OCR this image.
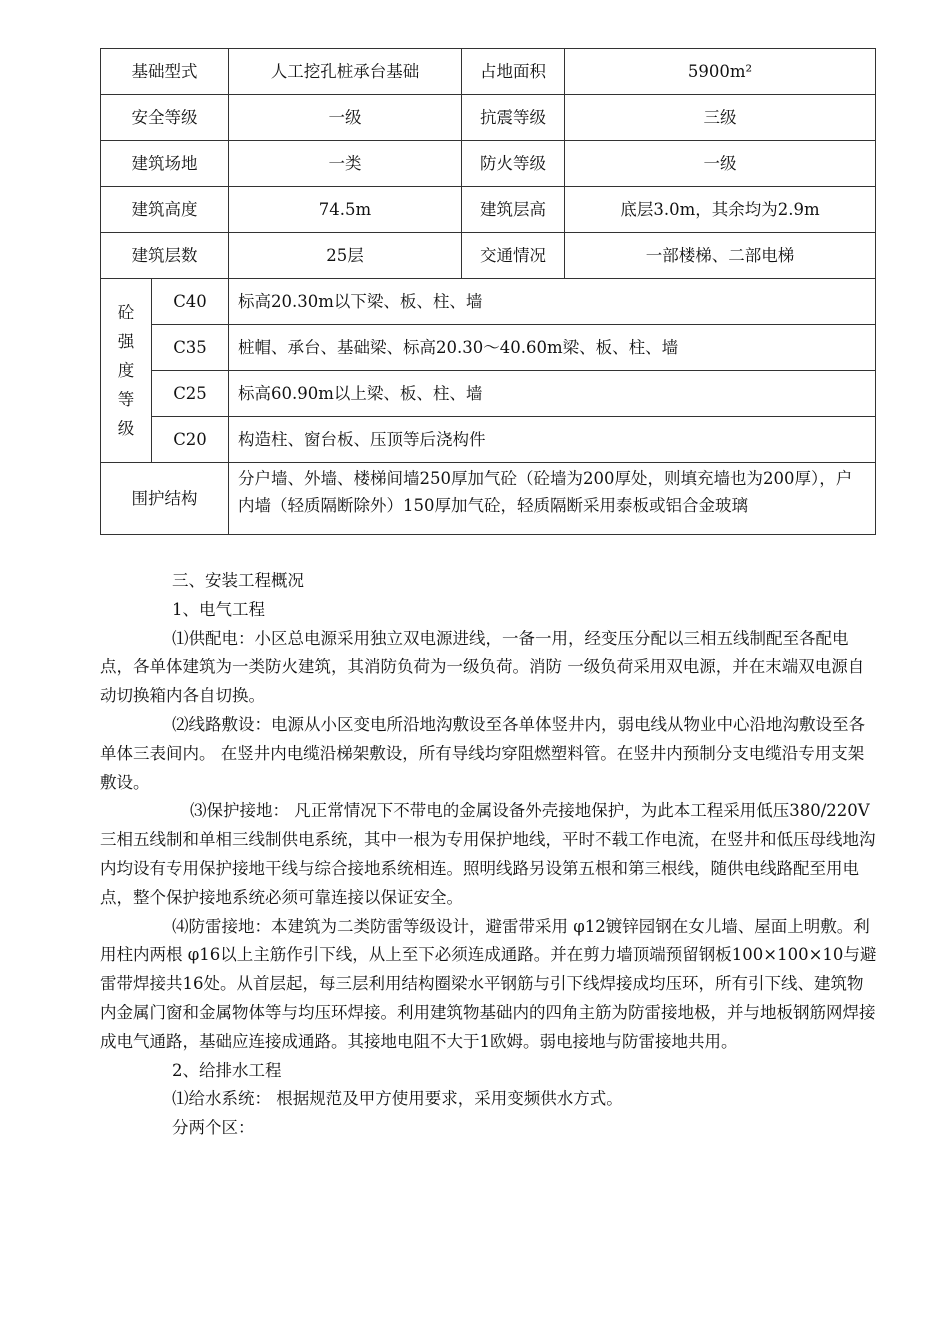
基础型式		人工挖孔桩承台基础	占地面积	5900m²
安全等级		一级	抗震等级	三级
建筑场地		一类	防火等级	一级
建筑高度		74.5m	建筑层高	底层3.0m，其余均为2.9m
建筑层数		25层	交通情况	一部楼梯、二部电梯
砼强度等级	C40	标高20.30m以下梁、板、柱、墙		
	C35	桩帽、承台、基础梁、标高20.30～40.60m梁、板、柱、墙		
	C25	标高60.90m以上梁、板、柱、墙		
	C20	构造柱、窗台板、压顶等后浇构件		
围护结构		分户墙、外墙、楼梯间墙250厚加气砼（砼墙为200厚处，则填充墙也为200厚），户内墙（轻质隔断除外）150厚加气砼，轻质隔断采用泰板或铝合金玻璃		

三、安装工程概况

1、电气工程

⑴供配电：小区总电源采用独立双电源进线，一备一用，经变压分配以三相五线制配至各配电点，各单体建筑为一类防火建筑，其消防负荷为一级负荷。消防 一级负荷采用双电源，并在末端双电源自动切换箱内各自切换。

⑵线路敷设：电源从小区变电所沿地沟敷设至各单体竖井内，弱电线从物业中心沿地沟敷设至各单体三表间内。 在竖井内电缆沿梯架敷设，所有导线均穿阻燃塑料管。在竖井内预制分支电缆沿专用支架敷设。

⑶保护接地： 凡正常情况下不带电的金属设备外壳接地保护，为此本工程采用低压380/220V三相五线制和单相三线制供电系统，其中一根为专用保护地线，平时不载工作电流，在竖井和低压母线地沟内均设有专用保护接地干线与综合接地系统相连。照明线路另设第五根和第三根线，随供电线路配至用电点，整个保护接地系统必须可靠连接以保证安全。

⑷防雷接地：本建筑为二类防雷等级设计，避雷带采用 φ12镀锌园钢在女儿墙、屋面上明敷。利用柱内两根 φ16以上主筋作引下线，从上至下必须连成通路。并在剪力墙顶端预留钢板100×100×10与避雷带焊接共16处。从首层起，每三层利用结构圈梁水平钢筋与引下线焊接成均压环，所有引下线、建筑物内金属门窗和金属物体等与均压环焊接。利用建筑物基础内的四角主筋为防雷接地极，并与地板钢筋网焊接成电气通路，基础应连接成通路。其接地电阻不大于1欧姆。弱电接地与防雷接地共用。

2、给排水工程

⑴给水系统： 根据规范及甲方使用要求，采用变频供水方式。

分两个区：
